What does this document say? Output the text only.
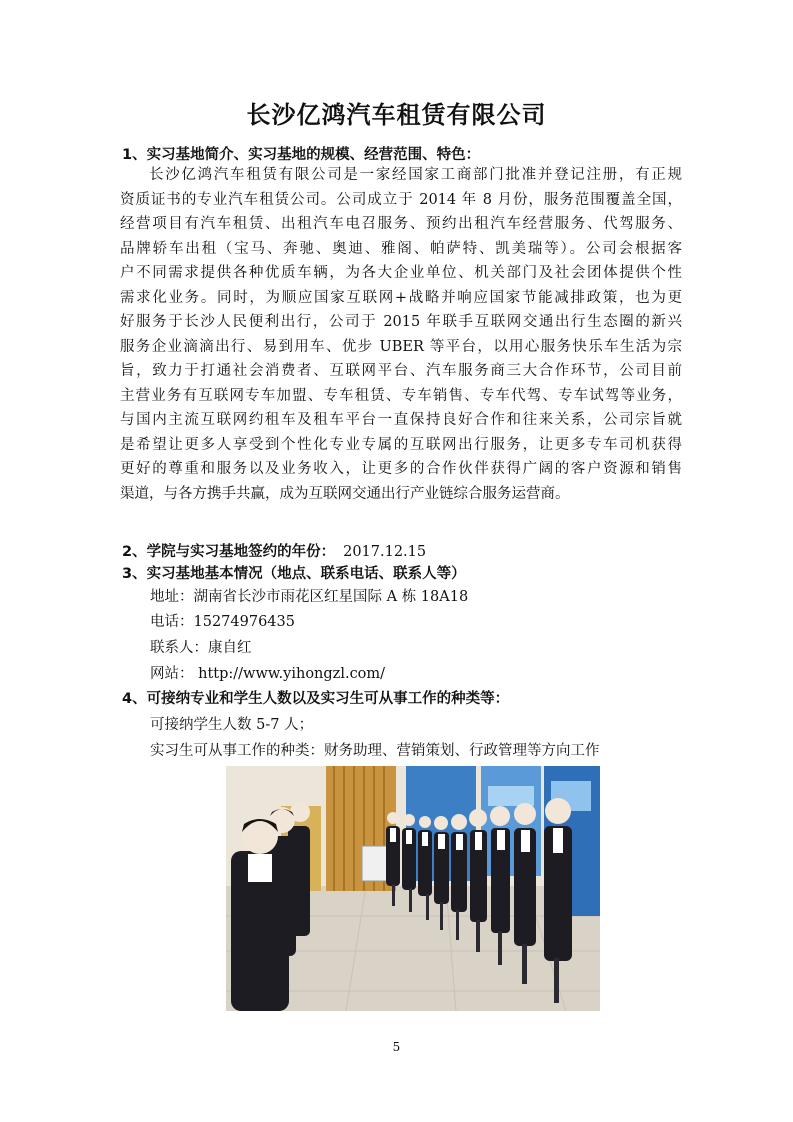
长沙亿鸿汽车租赁有限公司

1、实习基地简介、实习基地的规模、经营范围、特色：

长沙亿鸿汽车租赁有限公司是一家经国家工商部门批准并登记注册，有正规
资质证书的专业汽车租赁公司。公司成立于 2014 年 8 月份，服务范围覆盖全国，
经营项目有汽车租赁、出租汽车电召服务、预约出租汽车经营服务、代驾服务、
品牌轿车出租（宝马、奔驰、奥迪、雅阁、帕萨特、凯美瑞等）。公司会根据客
户不同需求提供各种优质车辆，为各大企业单位、机关部门及社会团体提供个性
需求化业务。同时，为顺应国家互联网+战略并响应国家节能减排政策，也为更
好服务于长沙人民便利出行，公司于 2015 年联手互联网交通出行生态圈的新兴
服务企业滴滴出行、易到用车、优步 UBER 等平台，以用心服务快乐车生活为宗
旨，致力于打通社会消费者、互联网平台、汽车服务商三大合作环节，公司目前
主营业务有互联网专车加盟、专车租赁、专车销售、专车代驾、专车试驾等业务，
与国内主流互联网约租车及租车平台一直保持良好合作和往来关系，公司宗旨就
是希望让更多人享受到个性化专业专属的互联网出行服务，让更多专车司机获得
更好的尊重和服务以及业务收入，让更多的合作伙伴获得广阔的客户资源和销售
渠道，与各方携手共赢，成为互联网交通出行产业链综合服务运营商。

2、学院与实习基地签约的年份： 2017.12.15

3、实习基地基本情况（地点、联系电话、联系人等）

地址：湖南省长沙市雨花区红星国际 A 栋 18A18

电话：15274976435

联系人：康自红

网站： http://www.yihongzl.com/

4、可接纳专业和学生人数以及实习生可从事工作的种类等：

可接纳学生人数 5-7 人；

实习生可从事工作的种类：财务助理、营销策划、行政管理等方向工作

5
